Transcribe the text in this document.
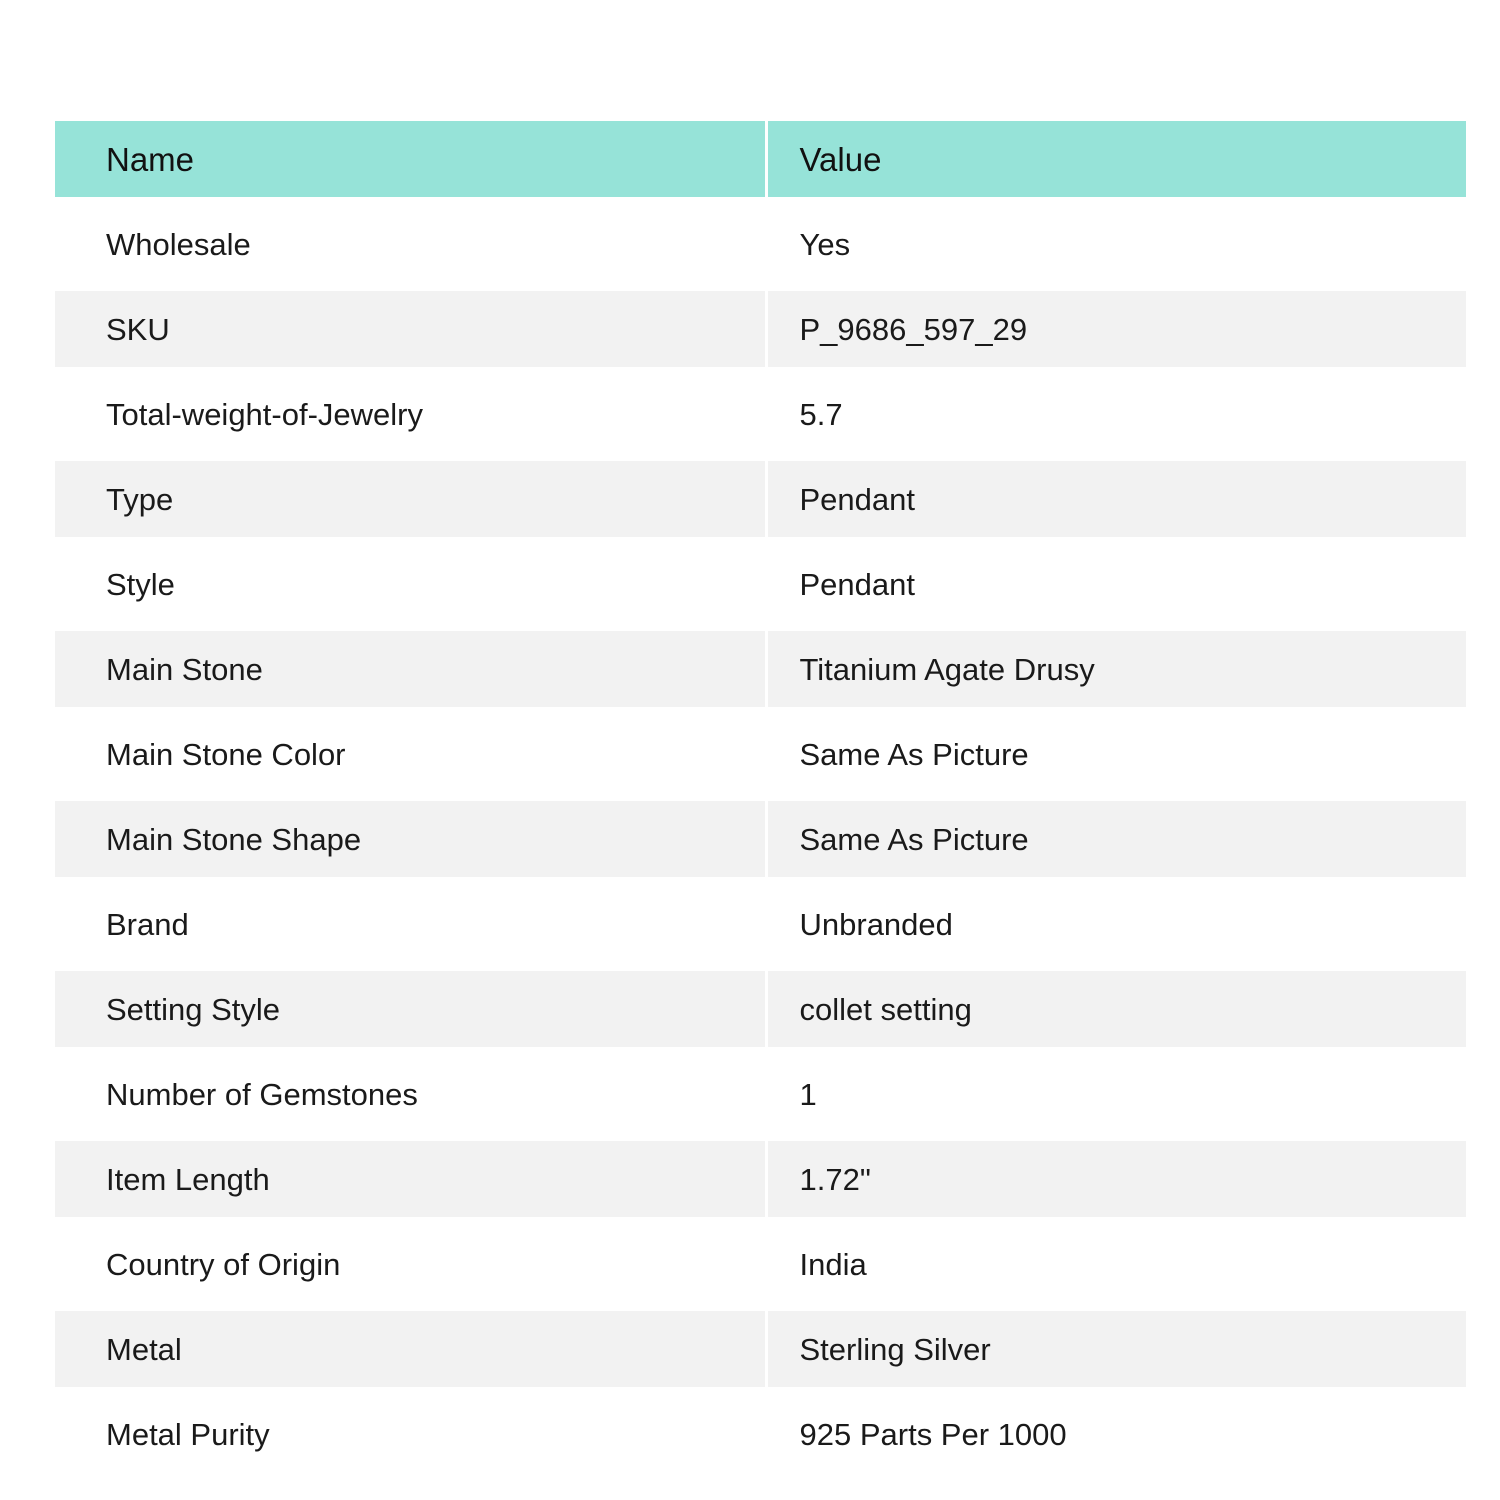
Name	Value
Wholesale	Yes
SKU	P_9686_597_29
Total-weight-of-Jewelry	5.7
Type	Pendant
Style	Pendant
Main Stone	Titanium Agate Drusy
Main Stone Color	Same As Picture
Main Stone Shape	Same As Picture
Brand	Unbranded
Setting Style	collet setting
Number of Gemstones	1
Item Length	1.72"
Country of Origin	India
Metal	Sterling Silver
Metal Purity	925 Parts Per 1000
